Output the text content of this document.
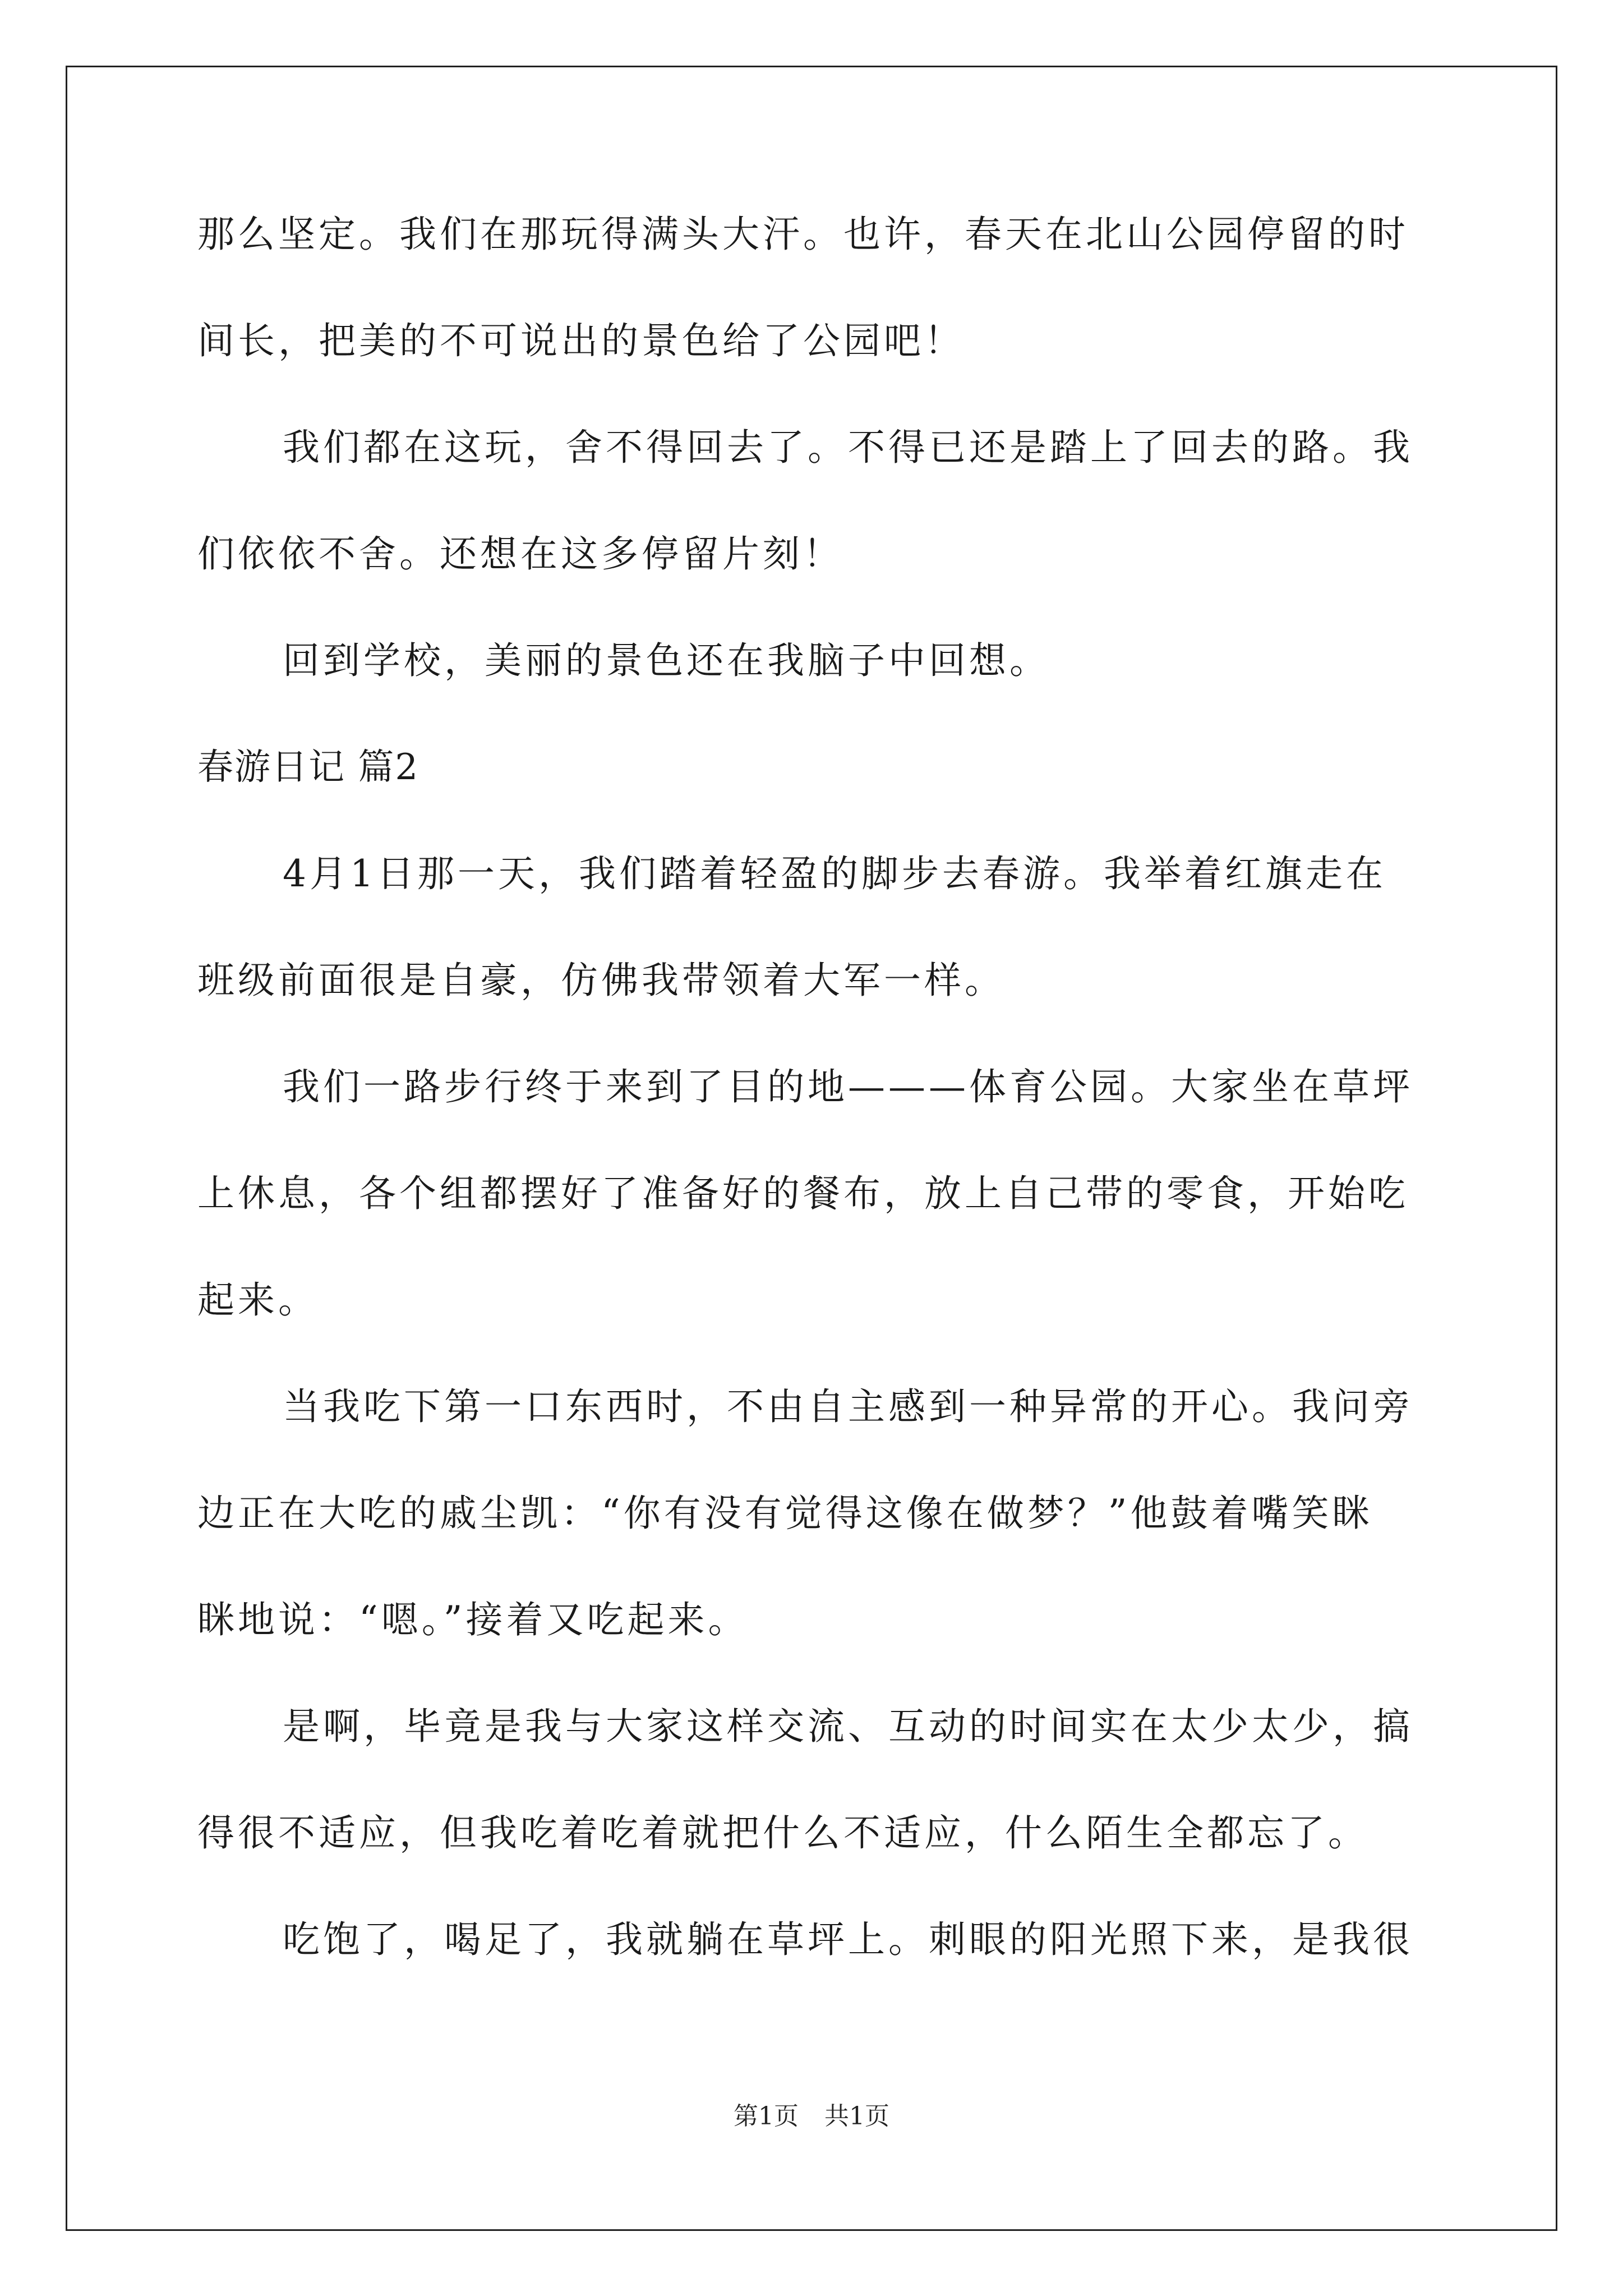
那么坚定。我们在那玩得满头大汗。也许，春天在北山公园停留的时
间长，把美的不可说出的景色给了公园吧！
我们都在这玩，舍不得回去了。不得已还是踏上了回去的路。我
们依依不舍。还想在这多停留片刻！
回到学校，美丽的景色还在我脑子中回想。
春游日记 篇2
4月1日那一天，我们踏着轻盈的脚步去春游。我举着红旗走在
班级前面很是自豪，仿佛我带领着大军一样。
我们一路步行终于来到了目的地———体育公园。大家坐在草坪
上休息，各个组都摆好了准备好的餐布，放上自己带的零食，开始吃
起来。
当我吃下第一口东西时，不由自主感到一种异常的开心。我问旁
边正在大吃的戚尘凯：“你有没有觉得这像在做梦？”他鼓着嘴笑眯
眯地说：“嗯。”接着又吃起来。
是啊，毕竟是我与大家这样交流、互动的时间实在太少太少，搞
得很不适应，但我吃着吃着就把什么不适应，什么陌生全都忘了。
吃饱了，喝足了，我就躺在草坪上。刺眼的阳光照下来，是我很
第1页 共1页
